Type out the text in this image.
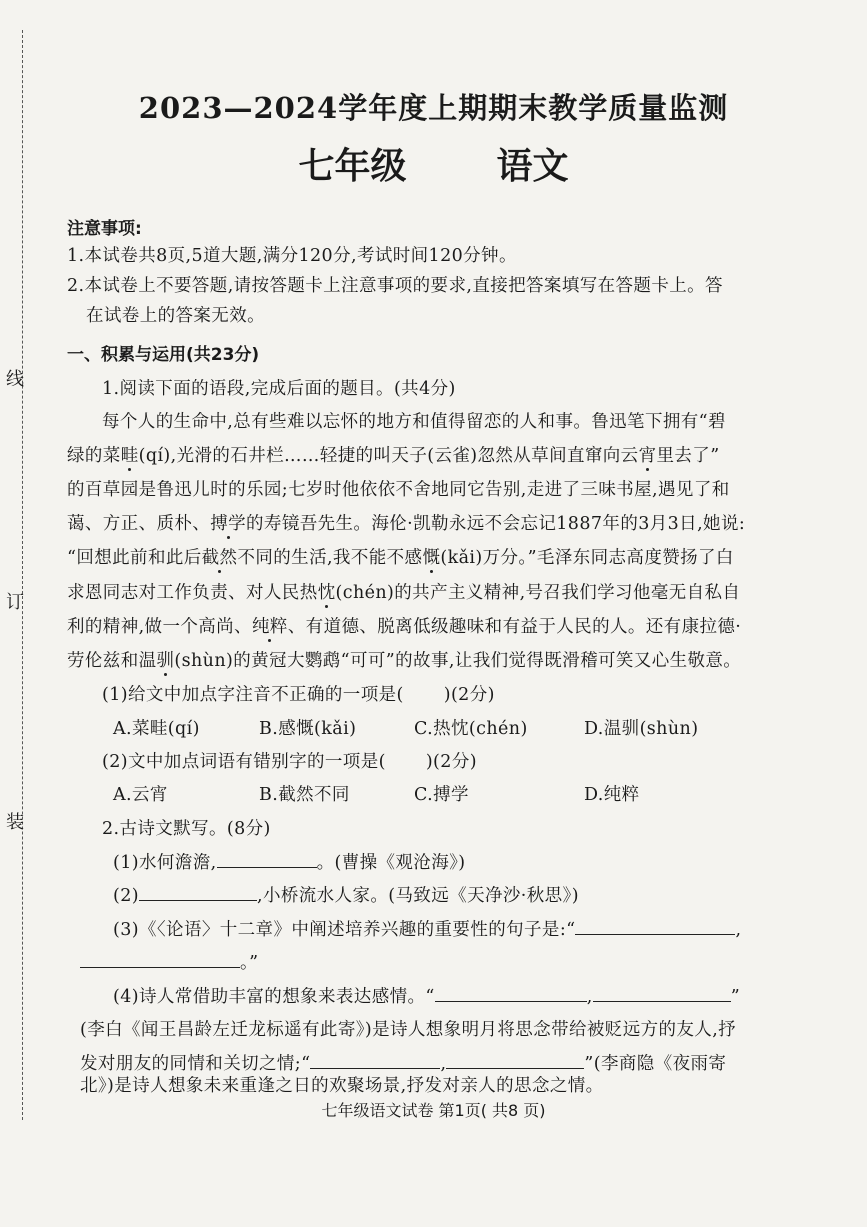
线
订
装
2023—2024学年度上期期末教学质量监测
七年级	语文
注意事项:
1.本试卷共8页,5道大题,满分120分,考试时间120分钟。
2.本试卷上不要答题,请按答题卡上注意事项的要求,直接把答案填写在答题卡上。答
在试卷上的答案无效。
一、积累与运用(共23分)
1.阅读下面的语段,完成后面的题目。(共4分)
每个人的生命中,总有些难以忘怀的地方和值得留恋的人和事。鲁迅笔下拥有“碧
绿的菜畦(qí),光滑的石井栏……轻捷的叫天子(云雀)忽然从草间直窜向云宵里去了”
的百草园是鲁迅儿时的乐园;七岁时他依依不舍地同它告别,走进了三味书屋,遇见了和
蔼、方正、质朴、搏学的寿镜吾先生。海伦·凯勒永远不会忘记1887年的3月3日,她说:
“回想此前和此后截然不同的生活,我不能不感慨(kǎi)万分。”毛泽东同志高度赞扬了白
求恩同志对工作负责、对人民热忱(chén)的共产主义精神,号召我们学习他毫无自私自
利的精神,做一个高尚、纯粹、有道德、脱离低级趣味和有益于人民的人。还有康拉德·
劳伦兹和温驯(shùn)的黄冠大鹦鹉“可可”的故事,让我们觉得既滑稽可笑又心生敬意。
(1)给文中加点字注音不正确的一项是( )(2分)
A.菜畦(qí)	B.感慨(kǎi)	C.热忱(chén)	D.温驯(shùn)
(2)文中加点词语有错别字的一项是( )(2分)
A.云宵	B.截然不同	C.搏学	D.纯粹
2.古诗文默写。(8分)
(1)水何澹澹,	。(曹操《观沧海》)
(2)	,小桥流水人家。(马致远《天净沙·秋思》)
(3)《〈论语〉十二章》中阐述培养兴趣的重要性的句子是:“	,
。”
(4)诗人常借助丰富的想象来表达感情。“	,	”
(李白《闻王昌龄左迁龙标遥有此寄》)是诗人想象明月将思念带给被贬远方的友人,抒
发对朋友的同情和关切之情;“	,	”(李商隐《夜雨寄
北》)是诗人想象未来重逢之日的欢聚场景,抒发对亲人的思念之情。
七年级语文试卷 第1页( 共8 页)
